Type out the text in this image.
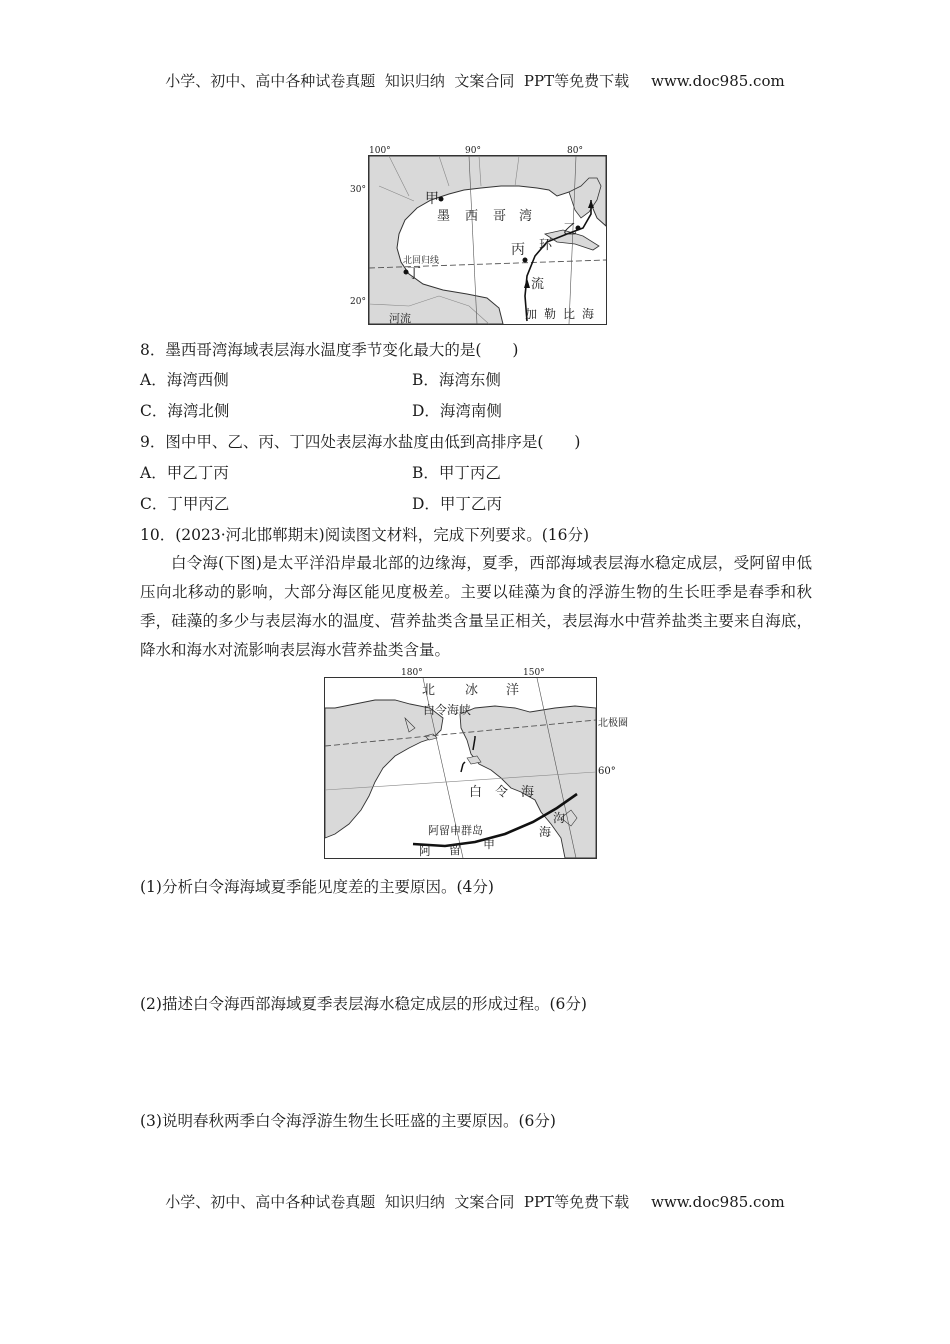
小学、初中、高中各种试卷真题  知识归纳  文案合同  PPT等免费下载 www.doc985.com
100°	90°	80°
30°
20°
甲
乙
丙
丁
墨 西 哥 湾
环
流
北回归线
河流	加 勒 比 海
8．墨西哥湾海域表层海水温度季节变化最大的是(　　)
A．海湾西侧	B．海湾东侧
C．海湾北侧	D．海湾南侧
9．图中甲、乙、丙、丁四处表层海水盐度由低到高排序是(　　)
A．甲乙丁丙	B．甲丁丙乙
C．丁甲丙乙	D．甲丁乙丙
10．(2023·河北邯郸期末)阅读图文材料，完成下列要求。(16分)
白令海(下图)是太平洋沿岸最北部的边缘海，夏季，西部海域表层海水稳定成层，受阿留申低压向北移动的影响，大部分海区能见度极差。主要以硅藻为食的浮游生物的生长旺季是春季和秋季，硅藻的多少与表层海水的温度、营养盐类含量呈正相关，表层海水中营养盐类主要来自海底，降水和海水对流影响表层海水营养盐类含量。
180°	150°
北 冰 洋
白令海峡
白 令 海
阿留申群岛
阿 留 申
海
沟
北极圈
60°
(1)分析白令海海域夏季能见度差的主要原因。(4分)
(2)描述白令海西部海域夏季表层海水稳定成层的形成过程。(6分)
(3)说明春秋两季白令海浮游生物生长旺盛的主要原因。(6分)
小学、初中、高中各种试卷真题  知识归纳  文案合同  PPT等免费下载 www.doc985.com
